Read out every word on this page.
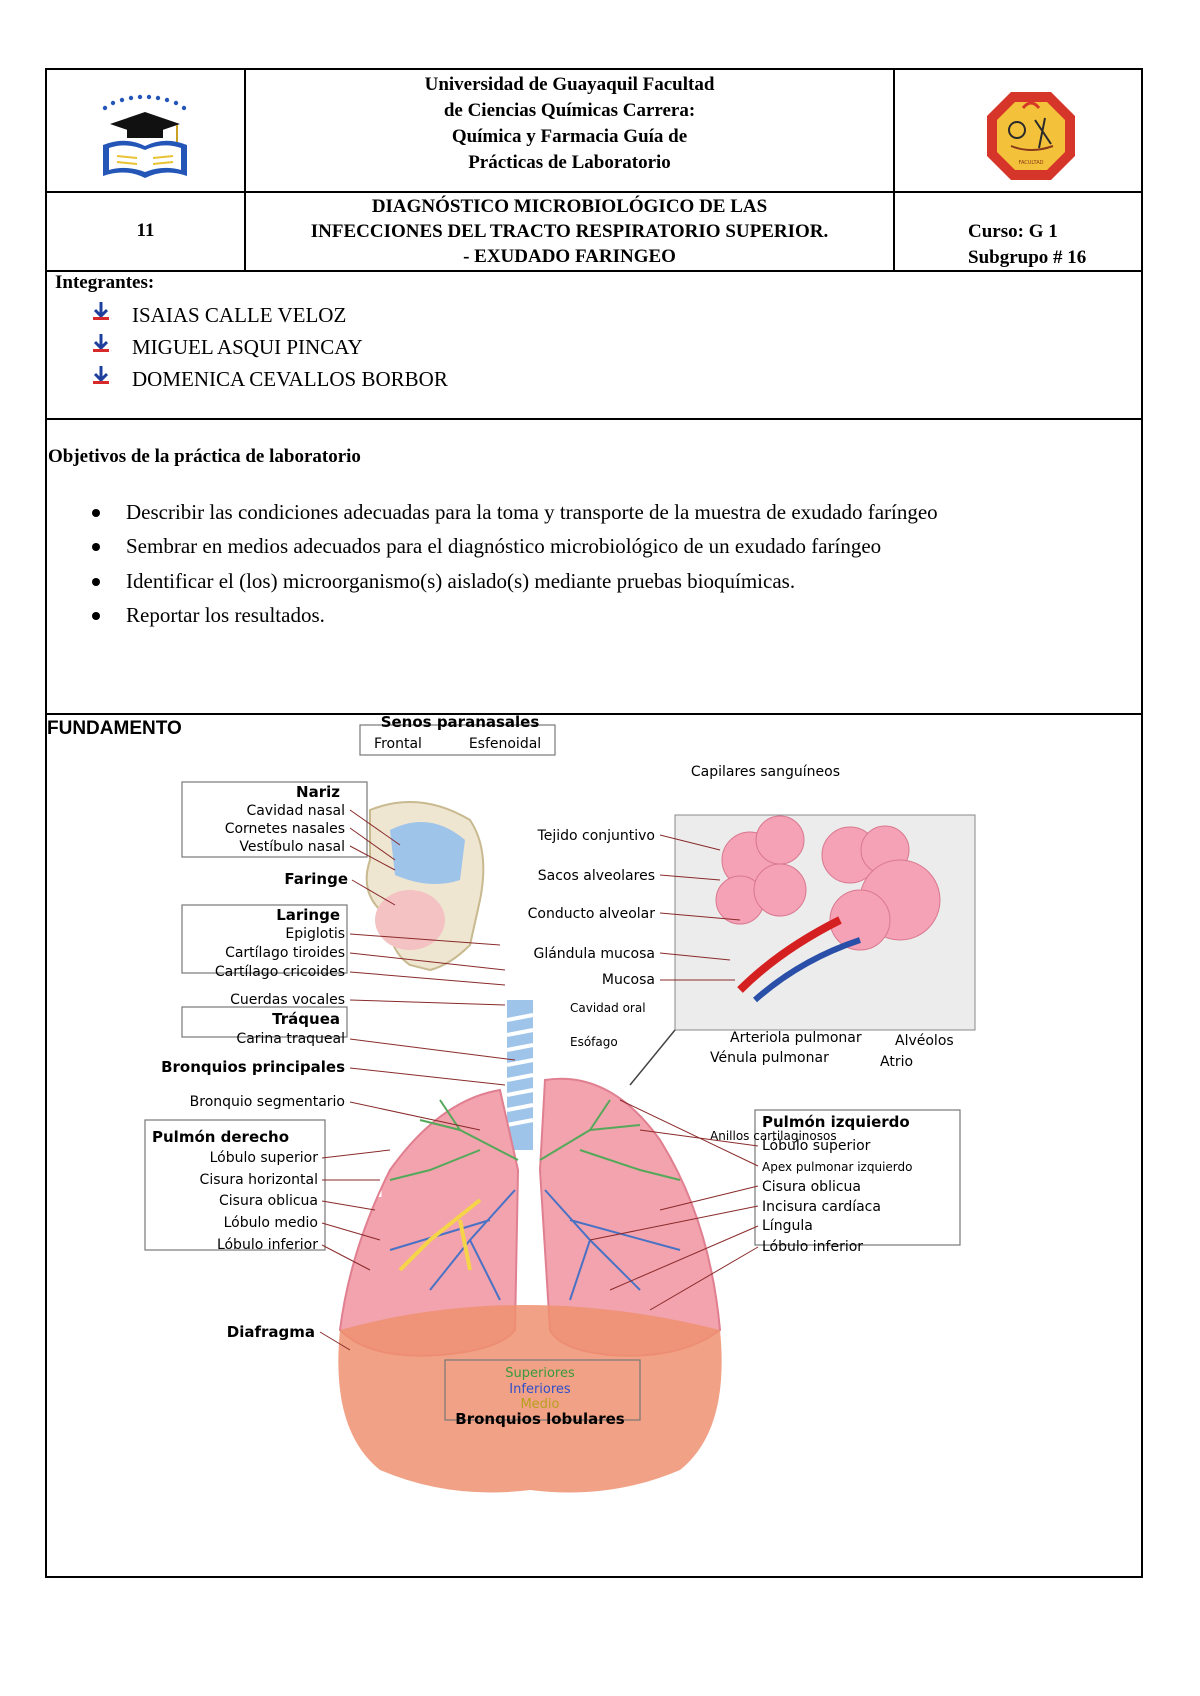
Universidad de Guayaquil Facultad
de Ciencias Químicas Carrera:
Química y Farmacia Guía de
Prácticas de Laboratorio	FACULTAD
11
DIAGNÓSTICO MICROBIOLÓGICO DE LAS
INFECCIONES DEL TRACTO RESPIRATORIO SUPERIOR.
- EXUDADO FARINGEO
Curso: G 1
Subgrupo # 16
Integrantes:
ISAIAS CALLE VELOZ
MIGUEL ASQUI PINCAY
DOMENICA CEVALLOS BORBOR
Objetivos de la práctica de laboratorio
Describir las condiciones adecuadas para la toma y transporte de la muestra de exudado faríngeo
Sembrar en medios adecuados para el diagnóstico microbiológico de un exudado faríngeo
Identificar el (los) microorganismo(s) aislado(s) mediante pruebas bioquímicas.
Reportar los resultados.
FUNDAMENTO	Senos paranasales
Frontal	Esfenoidal
Nariz
Cavidad nasal
Cornetes nasales
Vestíbulo nasal
Faringe
Laringe
Epiglotis
Cartílago tiroides
Cartílago cricoides
Cuerdas vocales
Tráquea
Carina traqueal
Bronquios principales
Bronquio segmentario
Pulmón derecho
Lóbulo superior
Cisura horizontal
Cisura oblicua
Lóbulo medio
Lóbulo inferior
Diafragma
Capilares sanguíneos
Tejido conjuntivo
Sacos alveolares
Conducto alveolar
Glándula mucosa
Mucosa
Cavidad oral
Esófago	Arteriola pulmonar
Vénula pulmonar
Alvéolos
Atrio
Anillos cartilaginosos
Pulmón izquierdo
Lóbulo superior
Apex pulmonar izquierdo
Cisura oblicua
Incisura cardíaca
Língula
Lóbulo inferior
Superiores
Inferiores
Medio
Bronquios lobulares
